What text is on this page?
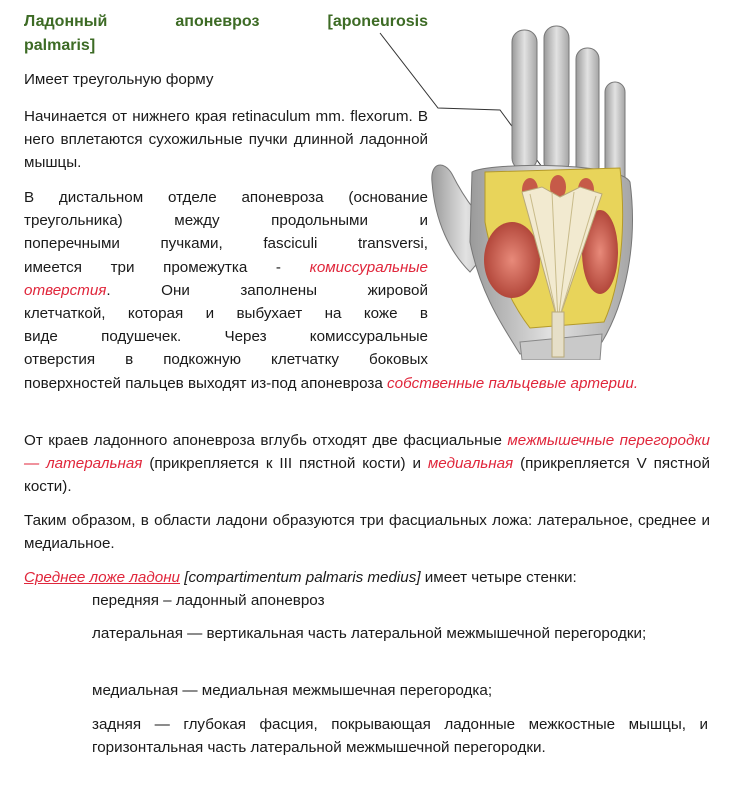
Ладонный	апоневроз	[aponeurosis
palmaris]

Имеет треугольную форму

Начинается от нижнего края retinaculum mm. flexorum. В него вплетаются сухожильные пучки длинной ладонной мышцы.

В дистальном отделе апоневроза (основание
треугольника) между продольными и
поперечными пучками, fasciculi transversi,
имеется три промежутка - комиссуральные
отверстия. Они заполнены жировой
клетчаткой, которая и выбухает на коже в
виде подушечек. Через комиссуральные
отверстия в подкожную клетчатку боковых

поверхностей пальцев выходят из-под апоневроза собственные пальцевые артерии.

От краев ладонного апоневроза вглубь отходят две фасциальные межмышечные перегородки — латеральная (прикрепляется к III пястной кости) и медиальная (прикрепляется V пястной кости).

Таким образом, в области ладони образуются три фасциальных ложа: латеральное, среднее и медиальное.

Среднее ложе ладони [compartimentum palmaris medius] имеет четыре стенки:

передняя – ладонный апоневроз

латеральная — вертикальная часть латеральной межмышечной перегородки;

медиальная — медиальная межмышечная перегородка;

задняя — глубокая фасция, покрывающая ладонные межкостные мышцы, и горизонтальная часть латеральной межмышечной перегородки.
